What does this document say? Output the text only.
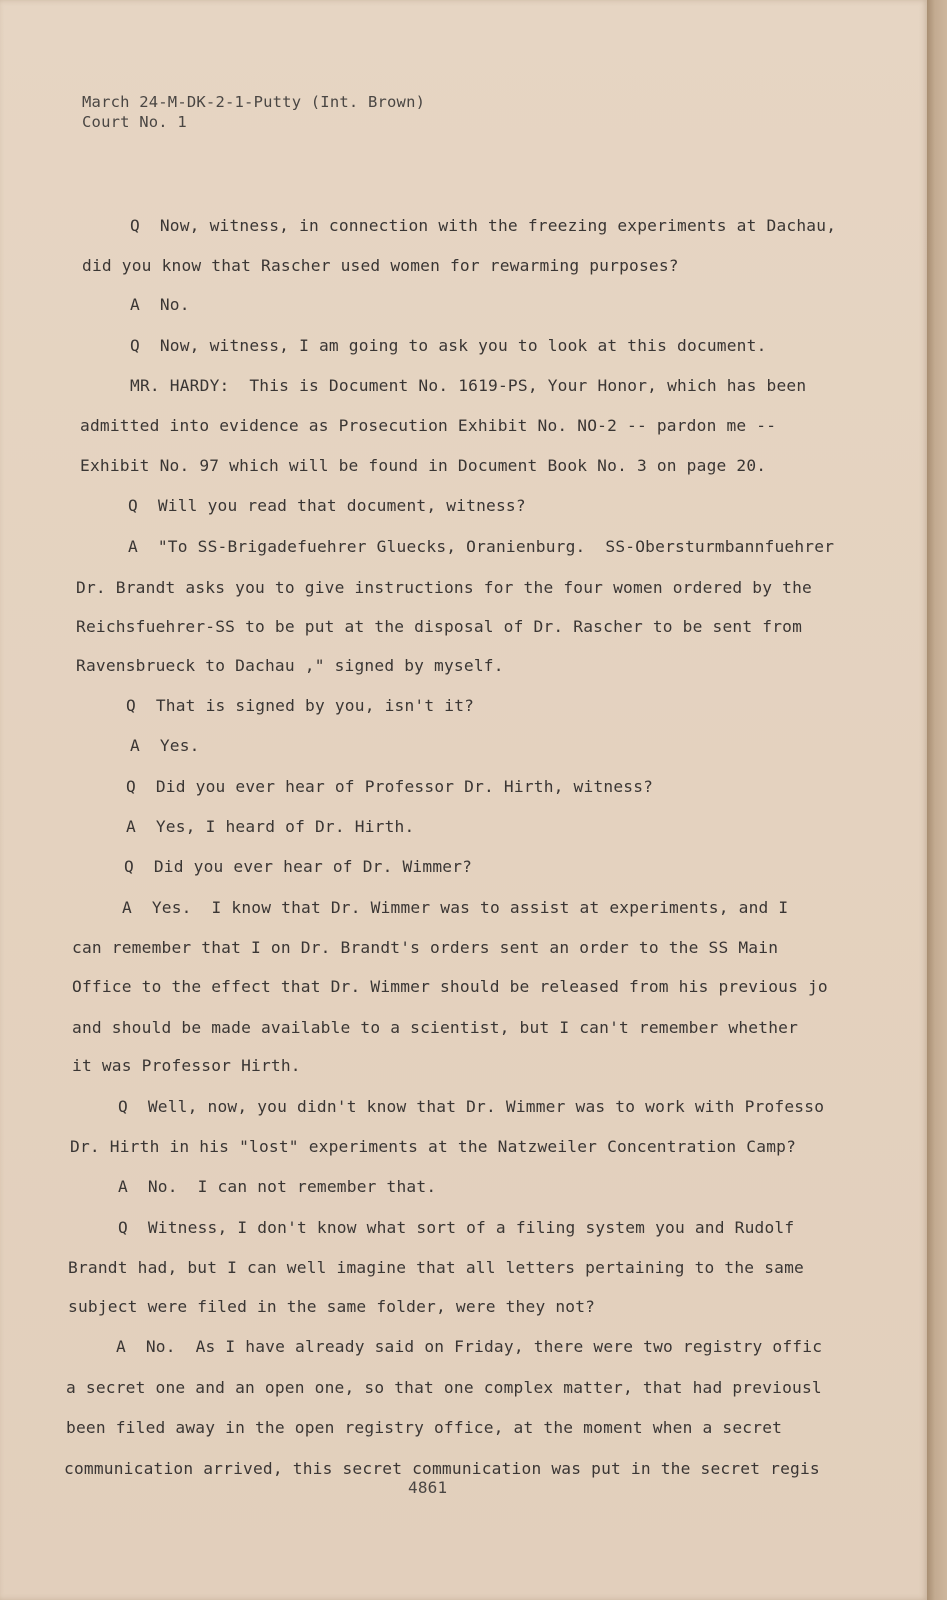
March 24-M-DK-2-1-Putty (Int. Brown)
Court No. 1
Q  Now, witness, in connection with the freezing experiments at Dachau,
did you know that Rascher used women for rewarming purposes?
A  No.
Q  Now, witness, I am going to ask you to look at this document.
MR. HARDY:  This is Document No. 1619-PS, Your Honor, which has been
admitted into evidence as Prosecution Exhibit No. NO-2 -- pardon me --
Exhibit No. 97 which will be found in Document Book No. 3 on page 20.
Q  Will you read that document, witness?
A  "To SS-Brigadefuehrer Gluecks, Oranienburg.  SS-Obersturmbannfuehrer
Dr. Brandt asks you to give instructions for the four women ordered by the
Reichsfuehrer-SS to be put at the disposal of Dr. Rascher to be sent from
Ravensbrueck to Dachau ," signed by myself.
Q  That is signed by you, isn't it?
A  Yes.
Q  Did you ever hear of Professor Dr. Hirth, witness?
A  Yes, I heard of Dr. Hirth.
Q  Did you ever hear of Dr. Wimmer?
A  Yes.  I know that Dr. Wimmer was to assist at experiments, and I
can remember that I on Dr. Brandt's orders sent an order to the SS Main
Office to the effect that Dr. Wimmer should be released from his previous jo
and should be made available to a scientist, but I can't remember whether
it was Professor Hirth.
Q  Well, now, you didn't know that Dr. Wimmer was to work with Professo
Dr. Hirth in his "lost" experiments at the Natzweiler Concentration Camp?
A  No.  I can not remember that.
Q  Witness, I don't know what sort of a filing system you and Rudolf
Brandt had, but I can well imagine that all letters pertaining to the same
subject were filed in the same folder, were they not?
A  No.  As I have already said on Friday, there were two registry offic
a secret one and an open one, so that one complex matter, that had previousl
been filed away in the open registry office, at the moment when a secret
communication arrived, this secret communication was put in the secret regis
4861
